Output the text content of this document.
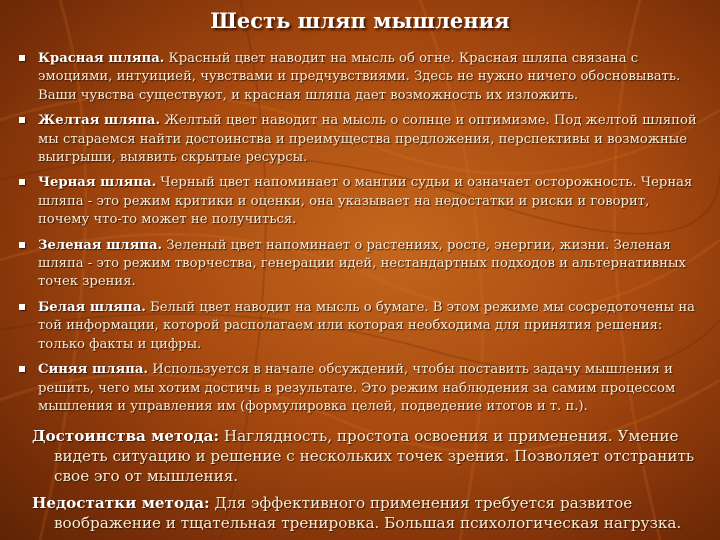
Шесть шляп мышления
Красная шляпа. Красный цвет наводит на мысль об огне. Красная шляпа связана с эмоциями, интуицией, чувствами и предчувствиями. Здесь не нужно ничего обосновывать. Ваши чувства существуют, и красная шляпа дает возможность их изложить.
Желтая шляпа. Желтый цвет наводит на мысль о солнце и оптимизме. Под желтой шляпой мы стараемся найти достоинства и преимущества предложения, перспективы и возможные выигрыши, выявить скрытые ресурсы.
Черная шляпа. Черный цвет напоминает о мантии судьи и означает осторожность. Черная шляпа - это режим критики и оценки, она указывает на недостатки и риски и говорит, почему что-то может не получиться.
Зеленая шляпа. Зеленый цвет напоминает о растениях, росте, энергии, жизни. Зеленая шляпа - это режим творчества, генерации идей, нестандартных подходов и альтернативных точек зрения.
Белая шляпа. Белый цвет наводит на мысль о бумаге. В этом режиме мы сосредоточены на той информации, которой располагаем или которая необходима для принятия решения: только факты и цифры.
Синяя шляпа. Используется в начале обсуждений, чтобы поставить задачу мышления и решить, чего мы хотим достичь в результате. Это режим наблюдения за самим процессом мышления и управления им (формулировка целей, подведение итогов и т. п.).
Достоинства метода: Наглядность, простота освоения и применения. Умение видеть ситуацию и решение с нескольких точек зрения. Позволяет отстранить свое эго от мышления.
Недостатки метода: Для эффективного применения требуется развитое воображение и тщательная тренировка. Большая психологическая нагрузка.
